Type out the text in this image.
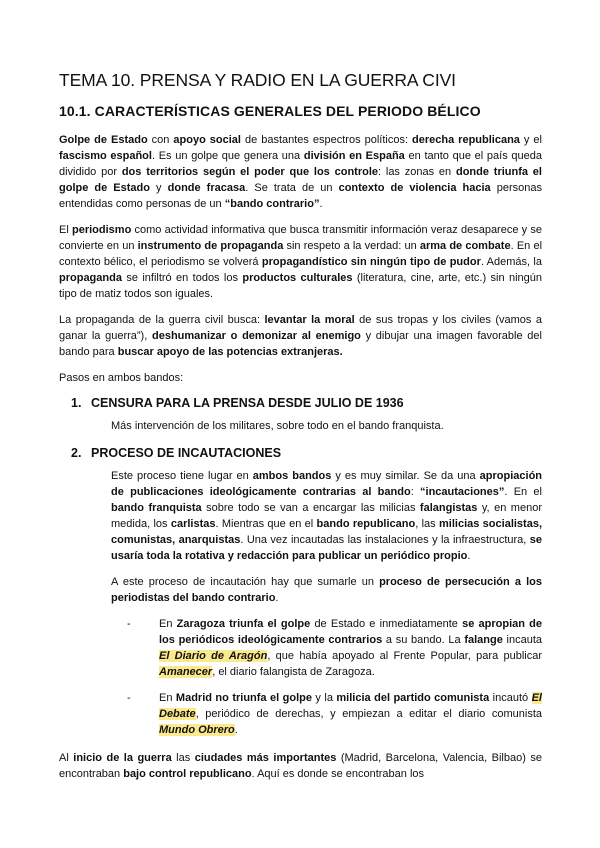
TEMA 10. PRENSA Y RADIO EN LA GUERRA CIVI
10.1. CARACTERÍSTICAS GENERALES DEL PERIODO BÉLICO

Golpe de Estado con apoyo social de bastantes espectros políticos: derecha republicana y el fascismo español. Es un golpe que genera una división en España en tanto que el país queda dividido por dos territorios según el poder que los controle: las zonas en donde triunfa el golpe de Estado y donde fracasa. Se trata de un contexto de violencia hacia personas entendidas como personas de un “bando contrario”.

El periodismo como actividad informativa que busca transmitir información veraz desaparece y se convierte en un instrumento de propaganda sin respeto a la verdad: un arma de combate. En el contexto bélico, el periodismo se volverá propagandístico sin ningún tipo de pudor. Además, la propaganda se infiltró en todos los productos culturales (literatura, cine, arte, etc.) sin ningún tipo de matiz todos son iguales.

La propaganda de la guerra civil busca: levantar la moral de sus tropas y los civiles (vamos a ganar la guerra”), deshumanizar o demonizar al enemigo y dibujar una imagen favorable del bando para buscar apoyo de las potencias extranjeras.

Pasos en ambos bandos:

1. CENSURA PARA LA PRENSA DESDE JULIO DE 1936

Más intervención de los militares, sobre todo en el bando franquista.

2. PROCESO DE INCAUTACIONES

Este proceso tiene lugar en ambos bandos y es muy similar. Se da una apropiación de publicaciones ideológicamente contrarias al bando: “incautaciones”. En el bando franquista sobre todo se van a encargar las milicias falangistas y, en menor medida, los carlistas. Mientras que en el bando republicano, las milicias socialistas, comunistas, anarquistas. Una vez incautadas las instalaciones y la infraestructura, se usaría toda la rotativa y redacción para publicar un periódico propio.

A este proceso de incautación hay que sumarle un proceso de persecución a los periodistas del bando contrario.

-	En Zaragoza triunfa el golpe de Estado e inmediatamente se apropian de los periódicos ideológicamente contrarios a su bando. La falange incauta El Diario de Aragón, que había apoyado al Frente Popular, para publicar Amanecer, el diario falangista de Zaragoza.

-	En Madrid no triunfa el golpe y la milicia del partido comunista incautó El Debate, periódico de derechas, y empiezan a editar el diario comunista Mundo Obrero.

Al inicio de la guerra las ciudades más importantes (Madrid, Barcelona, Valencia, Bilbao) se encontraban bajo control republicano. Aquí es donde se encontraban los
